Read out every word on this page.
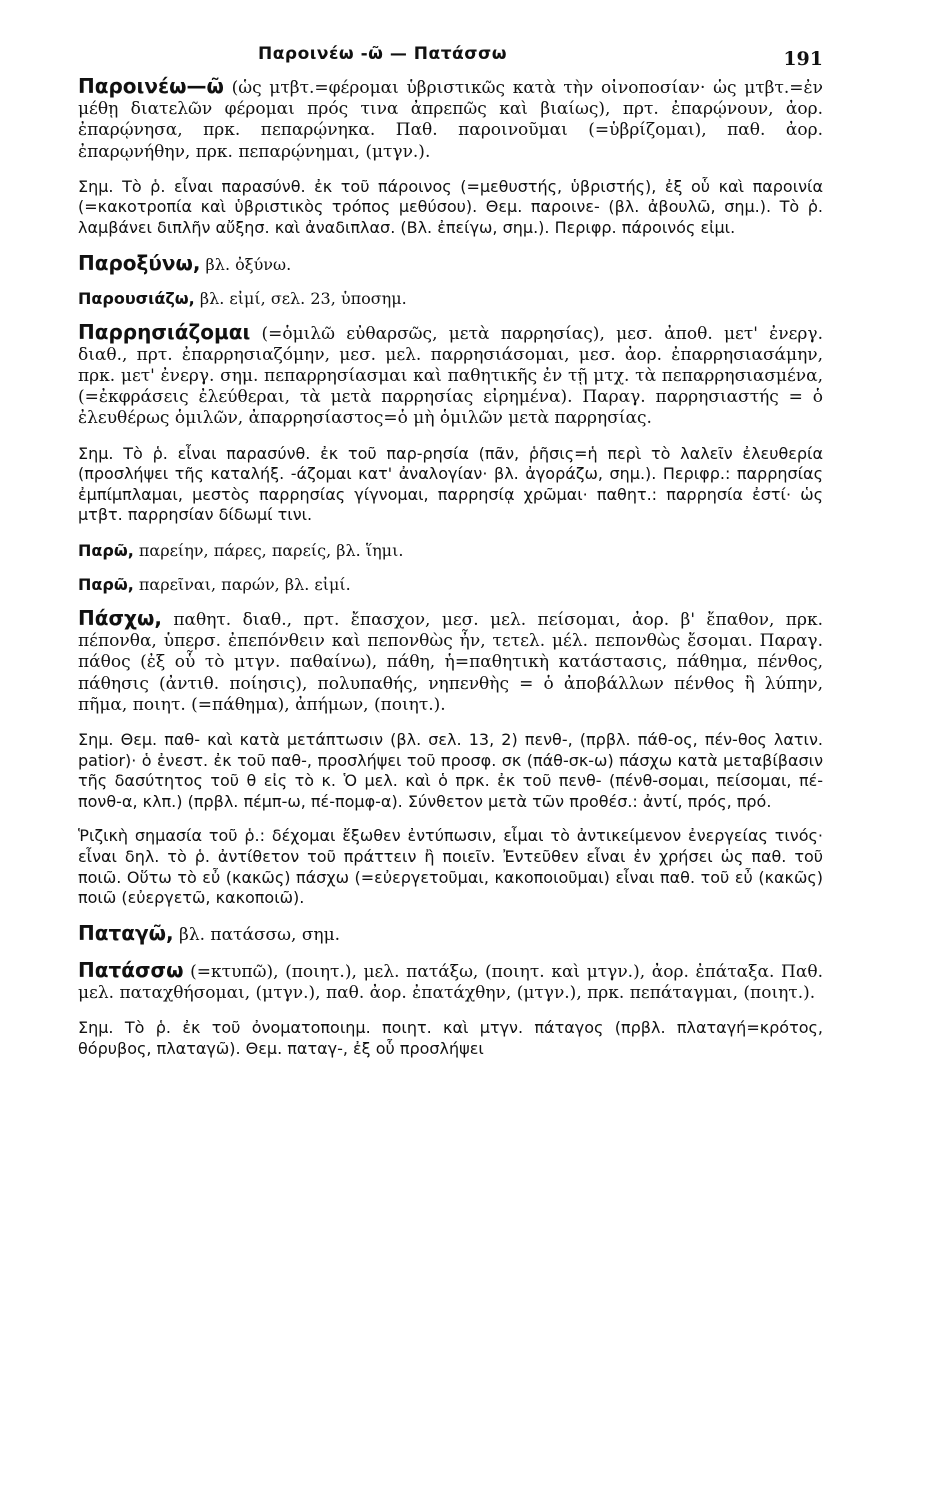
Παροινέω -ῶ — Πατάσσω	191

Παροινέω—ῶ (ὡς μτβτ.=φέρομαι ὑβριστικῶς κατὰ τὴν οἰνοποσίαν· ὡς μτβτ.=ἐν μέθῃ διατελῶν φέρομαι πρός τινα ἀπρεπῶς καὶ βιαίως), πρτ. ἐπαρῴνουν, ἀορ. ἐπαρῴνησα, πρκ. πεπαρῴνηκα. Παθ. παροινοῦμαι (=ὑβρίζομαι), παθ. ἀορ. ἐπαρῳνήθην, πρκ. πεπαρῴνημαι, (μτγν.).

Σημ. Τὸ ῥ. εἶναι παρασύνθ. ἐκ τοῦ πάροινος (=μεθυστής, ὑβριστής), ἐξ οὗ καὶ παροινία (=κακοτροπία καὶ ὑβριστικὸς τρόπος μεθύσου). Θεμ. παροινε- (βλ. ἀβουλῶ, σημ.). Τὸ ῥ. λαμβάνει διπλῆν αὔξησ. καὶ ἀναδιπλασ. (Βλ. ἐπείγω, σημ.). Περιφρ. πάροινός εἰμι.

Παροξύνω, βλ. ὀξύνω.

Παρουσιάζω, βλ. εἰμί, σελ. 23, ὑποσημ.

Παρρησιάζομαι (=ὁμιλῶ εὐθαρσῶς, μετὰ παρρησίας), μεσ. ἀποθ. μετ' ἐνεργ. διαθ., πρτ. ἐπαρρησιαζόμην, μεσ. μελ. παρρησιάσομαι, μεσ. ἀορ. ἐπαρρησιασάμην, πρκ. μετ' ἐνεργ. σημ. πεπαρρησίασμαι καὶ παθητικῆς ἐν τῇ μτχ. τὰ πεπαρρησιασμένα, (=ἐκφράσεις ἐλεύθεραι, τὰ μετὰ παρρησίας εἰρημένα). Παραγ. παρρησιαστής = ὁ ἐλευθέρως ὁμιλῶν, ἀπαρρησίαστος=ὁ μὴ ὁμιλῶν μετὰ παρρησίας.

Σημ. Τὸ ῥ. εἶναι παρασύνθ. ἐκ τοῦ παρ-ρησία (πᾶν, ῥῆσις=ἡ περὶ τὸ λαλεῖν ἐλευθερία (προσλήψει τῆς καταλήξ. -άζομαι κατ' ἀναλογίαν· βλ. ἀγοράζω, σημ.). Περιφρ.: παρρησίας ἐμπίμπλαμαι, μεστὸς παρρησίας γίγνομαι, παρρησίᾳ χρῶμαι· παθητ.: παρρησία ἐστί· ὡς μτβτ. παρρησίαν δίδωμί τινι.

Παρῶ, παρείην, πάρες, παρείς, βλ. ἵημι.

Παρῶ, παρεῖναι, παρών, βλ. εἰμί.

Πάσχω, παθητ. διαθ., πρτ. ἔπασχον, μεσ. μελ. πείσομαι, ἀορ. β' ἔπαθον, πρκ. πέπονθα, ὑπερσ. ἐπεπόνθειν καὶ πεπονθὼς ἦν, τετελ. μέλ. πεπονθὼς ἔσομαι. Παραγ. πάθος (ἐξ οὗ τὸ μτγν. παθαίνω), πάθη, ἡ=παθητικὴ κατάστασις, πάθημα, πένθος, πάθησις (ἀντιθ. ποίησις), πολυπαθής, νηπενθὴς = ὁ ἀποβάλλων πένθος ἢ λύπην, πῆμα, ποιητ. (=πάθημα), ἀπήμων, (ποιητ.).

Σημ. Θεμ. παθ- καὶ κατὰ μετάπτωσιν (βλ. σελ. 13, 2) πενθ-, (πρβλ. πάθ-ος, πέν-θος λατιν. patior)· ὁ ἐνεστ. ἐκ τοῦ παθ-, προσλήψει τοῦ προσφ. σκ (πάθ-σκ-ω) πάσχω κατὰ μεταβίβασιν τῆς δασύτητος τοῦ θ εἰς τὸ κ. Ὁ μελ. καὶ ὁ πρκ. ἐκ τοῦ πενθ- (πένθ-σομαι, πείσομαι, πέ-πονθ-α, κλπ.) (πρβλ. πέμπ-ω, πέ-πομφ-α). Σύνθετον μετὰ τῶν προθέσ.: ἀντί, πρός, πρό.

Ῥιζικὴ σημασία τοῦ ῥ.: δέχομαι ἔξωθεν ἐντύπωσιν, εἶμαι τὸ ἀντικείμενον ἐνεργείας τινός· εἶναι δηλ. τὸ ῥ. ἀντίθετον τοῦ πράττειν ἢ ποιεῖν. Ἐντεῦθεν εἶναι ἐν χρήσει ὡς παθ. τοῦ ποιῶ. Οὕτω τὸ εὖ (κακῶς) πάσχω (=εὐεργετοῦμαι, κακοποιοῦμαι) εἶναι παθ. τοῦ εὖ (κακῶς) ποιῶ (εὐεργετῶ, κακοποιῶ).

Παταγῶ, βλ. πατάσσω, σημ.

Πατάσσω (=κτυπῶ), (ποιητ.), μελ. πατάξω, (ποιητ. καὶ μτγν.), ἀορ. ἐπάταξα. Παθ. μελ. παταχθήσομαι, (μτγν.), παθ. ἀορ. ἐπατάχθην, (μτγν.), πρκ. πεπάταγμαι, (ποιητ.).

Σημ. Τὸ ῥ. ἐκ τοῦ ὀνοματοποιημ. ποιητ. καὶ μτγν. πάταγος (πρβλ. πλαταγή=κρότος, θόρυβος, πλαταγῶ). Θεμ. παταγ-, ἐξ οὗ προσλήψει
